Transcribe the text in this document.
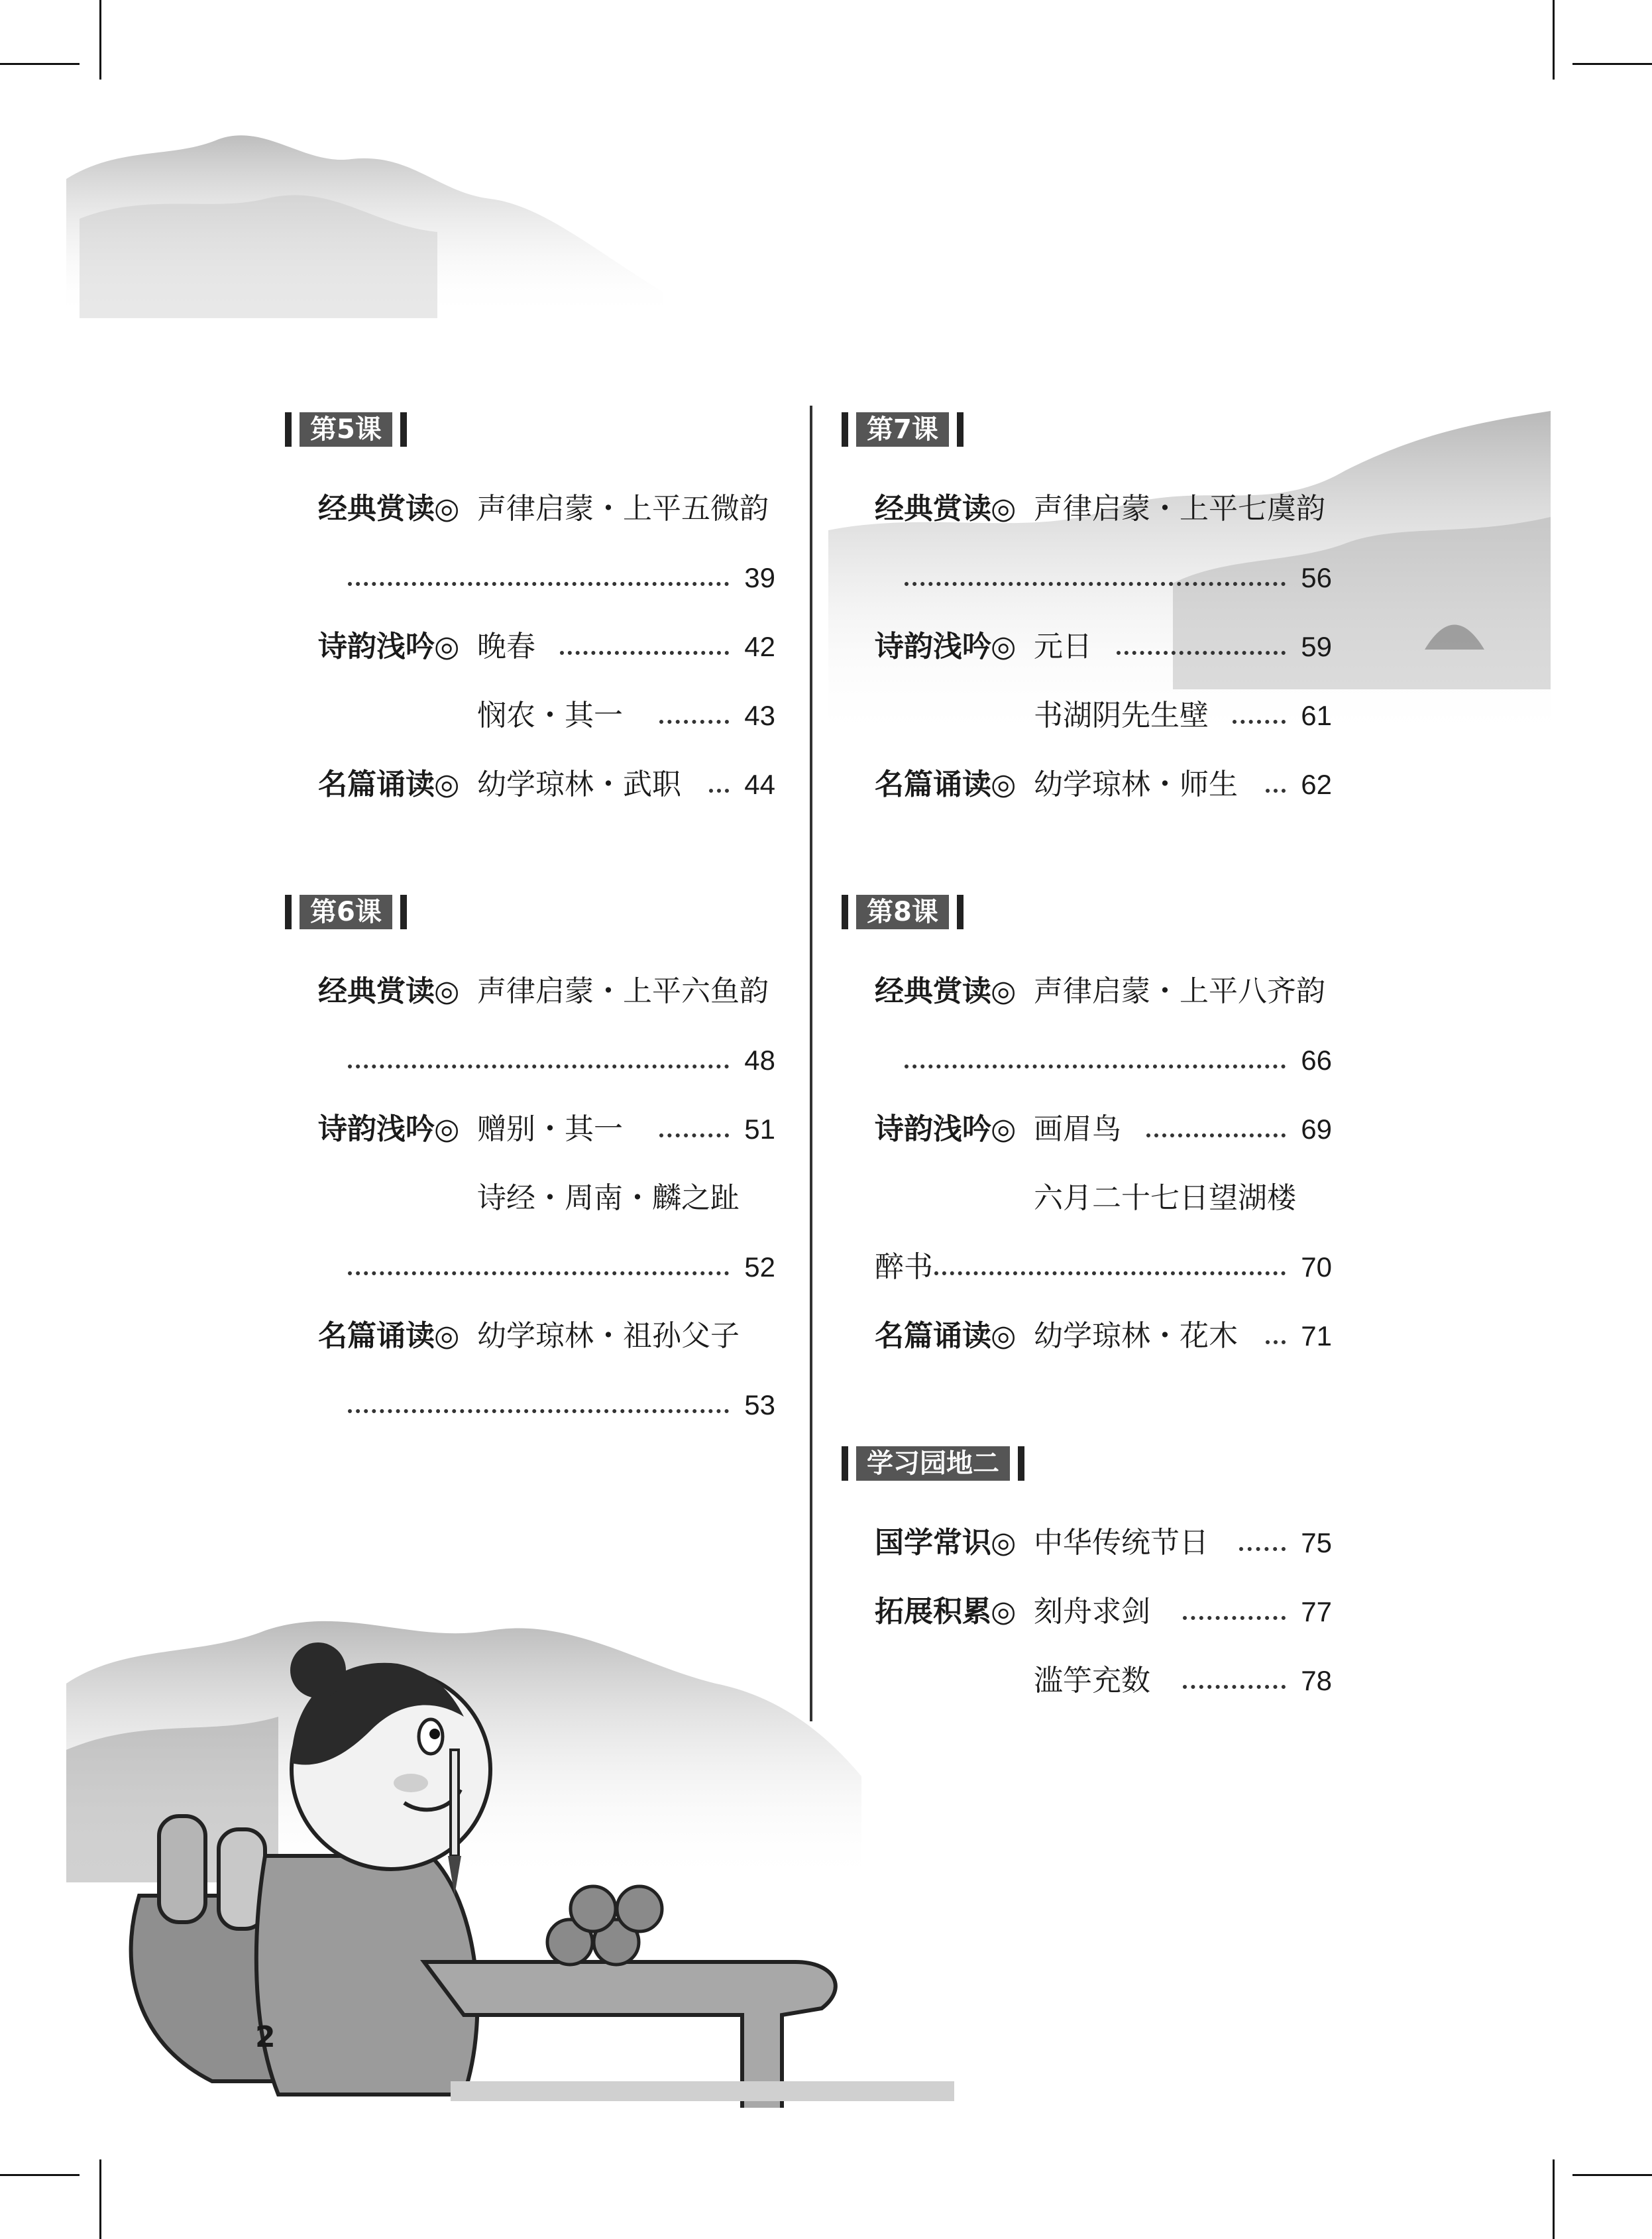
2
第5课
经典赏读 ◎ 声律启蒙・上平五微韵
39
诗韵浅吟 ◎ 晚春	42
悯农・其一	43
名篇诵读 ◎ 幼学琼林・武职 44
第6课
经典赏读 ◎ 声律启蒙・上平六鱼韵
48
诗韵浅吟 ◎ 赠别・其一	51
诗经・周南・麟之趾
52
名篇诵读 ◎ 幼学琼林・祖孙父子
53
第7课
经典赏读 ◎ 声律启蒙・上平七虞韵
56
诗韵浅吟 ◎ 元日	59
书湖阴先生壁	61
名篇诵读 ◎ 幼学琼林・师生 62
第8课
经典赏读 ◎ 声律启蒙・上平八齐韵
66
诗韵浅吟 ◎ 画眉鸟	69
六月二十七日望湖楼
醉书	70
名篇诵读 ◎ 幼学琼林・花木 71
学习园地二
国学常识 ◎ 中华传统节日	75
拓展积累 ◎ 刻舟求剑	77
滥竽充数	78
